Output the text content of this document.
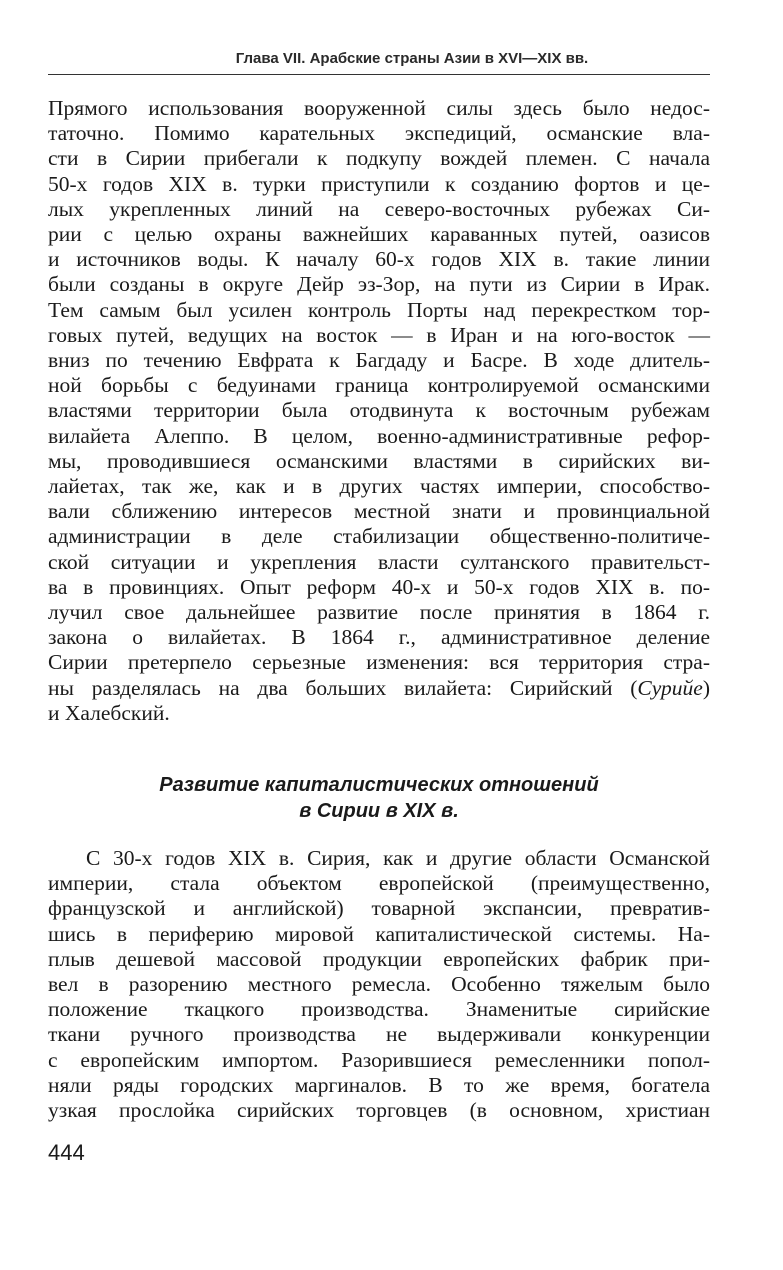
Глава VII. Арабские страны Азии в XVI—XIX вв.
Прямого использования вооруженной силы здесь было недос-
таточно. Помимо карательных экспедиций, османские вла-
сти в Сирии прибегали к подкупу вождей племен. С начала
50-х годов XIX в. турки приступили к созданию фортов и це-
лых укрепленных линий на северо-восточных рубежах Си-
рии с целью охраны важнейших караванных путей, оазисов
и источников воды. К началу 60-х годов XIX в. такие линии
были созданы в округе Дейр эз-Зор, на пути из Сирии в Ирак.
Тем самым был усилен контроль Порты над перекрестком тор-
говых путей, ведущих на восток — в Иран и на юго-восток —
вниз по течению Евфрата к Багдаду и Басре. В ходе длитель-
ной борьбы с бедуинами граница контролируемой османскими
властями территории была отодвинута к восточным рубежам
вилайета Алеппо. В целом, военно-административные рефор-
мы, проводившиеся османскими властями в сирийских ви-
лайетах, так же, как и в других частях империи, способство-
вали сближению интересов местной знати и провинциальной
администрации в деле стабилизации общественно-политиче-
ской ситуации и укрепления власти султанского правительст-
ва в провинциях. Опыт реформ 40-х и 50-х годов XIX в. по-
лучил свое дальнейшее развитие после принятия в 1864 г.
закона о вилайетах. В 1864 г., административное деление
Сирии претерпело серьезные изменения: вся территория стра-
ны разделялась на два больших вилайета: Сирийский (Сурийе)
и Халебский.
Развитие капиталистических отношений
в Сирии в XIX в.
С 30-х годов XIX в. Сирия, как и другие области Османской
империи, стала объектом европейской (преимущественно,
французской и английской) товарной экспансии, превратив-
шись в периферию мировой капиталистической системы. На-
плыв дешевой массовой продукции европейских фабрик при-
вел в разорению местного ремесла. Особенно тяжелым было
положение ткацкого производства. Знаменитые сирийские
ткани ручного производства не выдерживали конкуренции
с европейским импортом. Разорившиеся ремесленники попол-
няли ряды городских маргиналов. В то же время, богатела
узкая прослойка сирийских торговцев (в основном, христиан
444
